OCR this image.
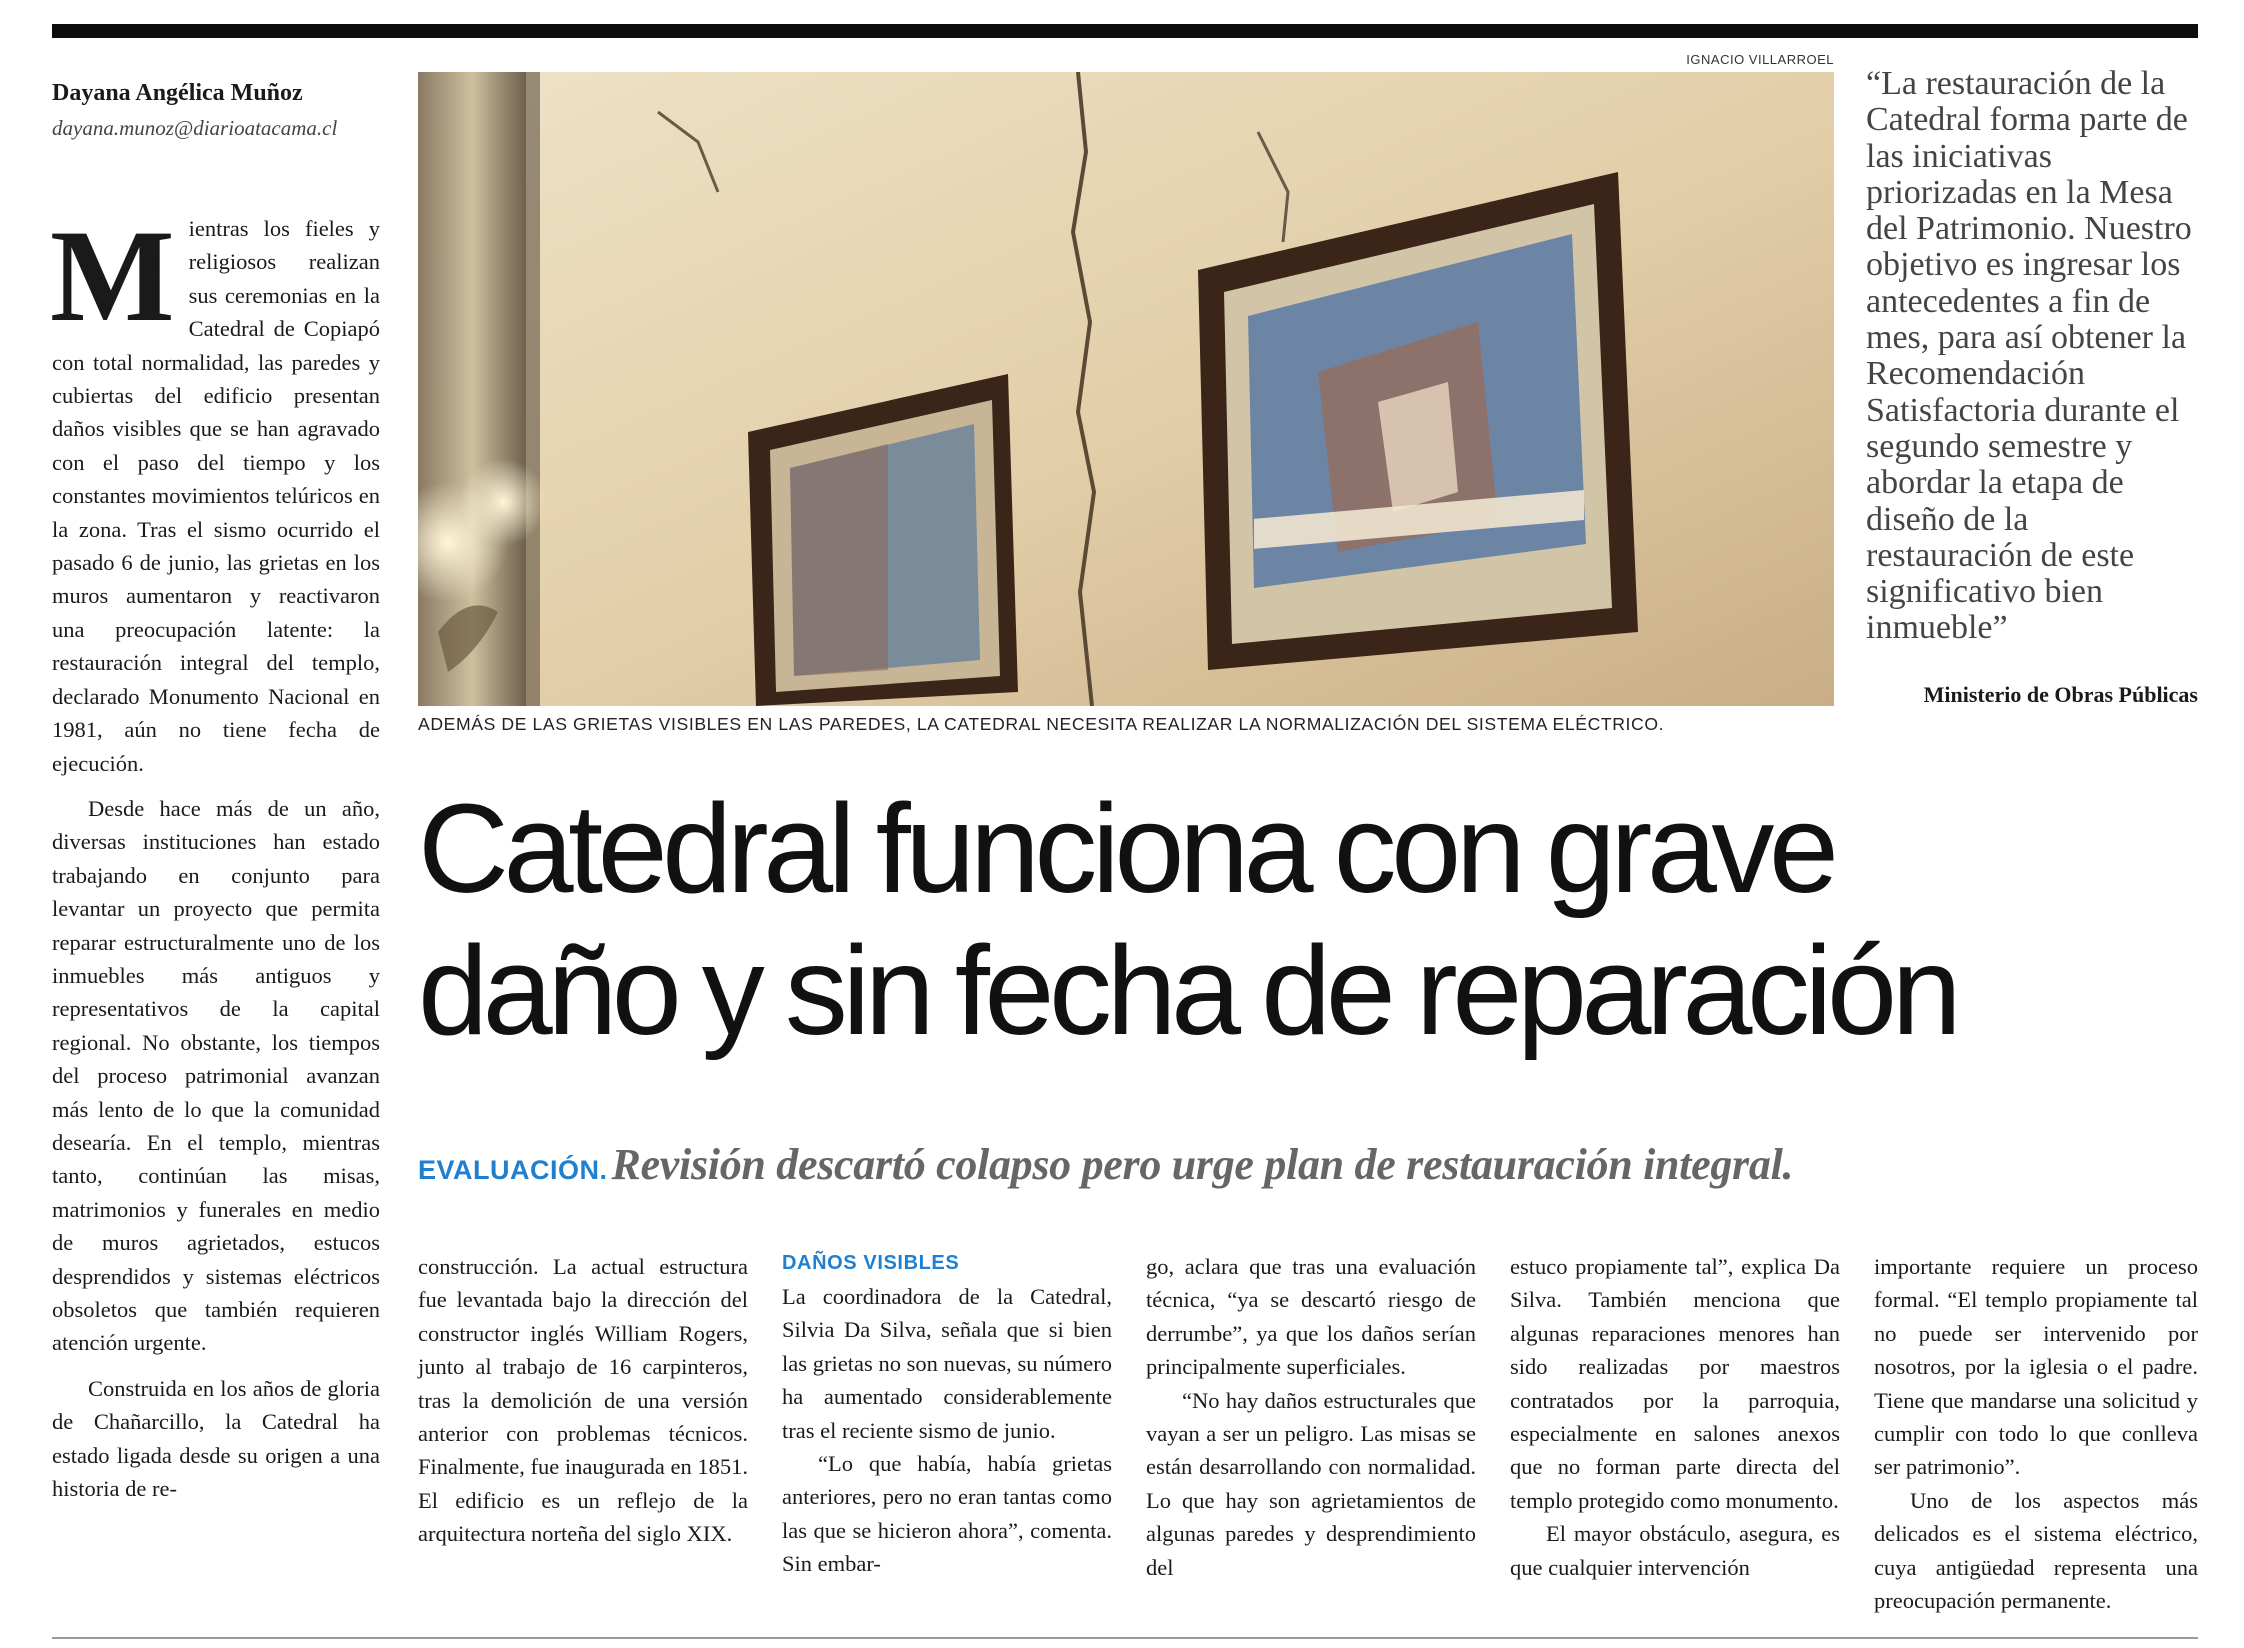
Dayana Angélica Muñoz
dayana.munoz@diarioatacama.cl

Mientras los fieles y religiosos realizan sus ceremonias en la Catedral de Copiapó con total normalidad, las paredes y cubiertas del edificio presentan daños visibles que se han agravado con el paso del tiempo y los constantes movimientos telúricos en la zona. Tras el sismo ocurrido el pasado 6 de junio, las grietas en los muros aumentaron y reactivaron una preocupación latente: la restauración integral del templo, declarado Monumento Nacional en 1981, aún no tiene fecha de ejecución.

Desde hace más de un año, diversas instituciones han estado trabajando en conjunto para levantar un proyecto que permita reparar estructuralmente uno de los inmuebles más antiguos y representativos de la capital regional. No obstante, los tiempos del proceso patrimonial avanzan más lento de lo que la comunidad desearía. En el templo, mientras tanto, continúan las misas, matrimonios y funerales en medio de muros agrietados, estucos desprendidos y sistemas eléctricos obsoletos que también requieren atención urgente.

Construida en los años de gloria de Chañarcillo, la Catedral ha estado ligada desde su origen a una historia de re-

IGNACIO VILLARROEL
ADEMÁS DE LAS GRIETAS VISIBLES EN LAS PAREDES, LA CATEDRAL NECESITA REALIZAR LA NORMALIZACIÓN DEL SISTEMA ELÉCTRICO.
“La restauración de la Catedral forma parte de las iniciativas priorizadas en la Mesa del Patrimonio. Nuestro objetivo es ingresar los antecedentes a fin de mes, para así obtener la Recomendación Satisfactoria durante el segundo semestre y abordar la etapa de diseño de la restauración de este significativo bien inmueble”
Ministerio de Obras Públicas
Catedral funciona con grave
daño y sin fecha de reparación
EVALUACIÓN. Revisión descartó colapso pero urge plan de restauración integral.

construcción. La actual estructura fue levantada bajo la dirección del constructor inglés William Rogers, junto al trabajo de 16 carpinteros, tras la demolición de una versión anterior con problemas técnicos. Finalmente, fue inaugurada en 1851. El edificio es un reflejo de la arquitectura norteña del siglo XIX.

DAÑOS VISIBLES

La coordinadora de la Catedral, Silvia Da Silva, señala que si bien las grietas no son nuevas, su número ha aumentado considerablemente tras el reciente sismo de junio.

“Lo que había, había grietas anteriores, pero no eran tantas como las que se hicieron ahora”, comenta. Sin embar-

go, aclara que tras una evaluación técnica, “ya se descartó riesgo de derrumbe”, ya que los daños serían principalmente superficiales.

“No hay daños estructurales que vayan a ser un peligro. Las misas se están desarrollando con normalidad. Lo que hay son agrietamientos de algunas paredes y desprendimiento del

estuco propiamente tal”, explica Da Silva. También menciona que algunas reparaciones menores han sido realizadas por maestros contratados por la parroquia, especialmente en salones anexos que no forman parte directa del templo protegido como monumento.

El mayor obstáculo, asegura, es que cualquier intervención

importante requiere un proceso formal. “El templo propiamente tal no puede ser intervenido por nosotros, por la iglesia o el padre. Tiene que mandarse una solicitud y cumplir con todo lo que conlleva ser patrimonio”.

Uno de los aspectos más delicados es el sistema eléctrico, cuya antigüedad representa una preocupación permanente.
